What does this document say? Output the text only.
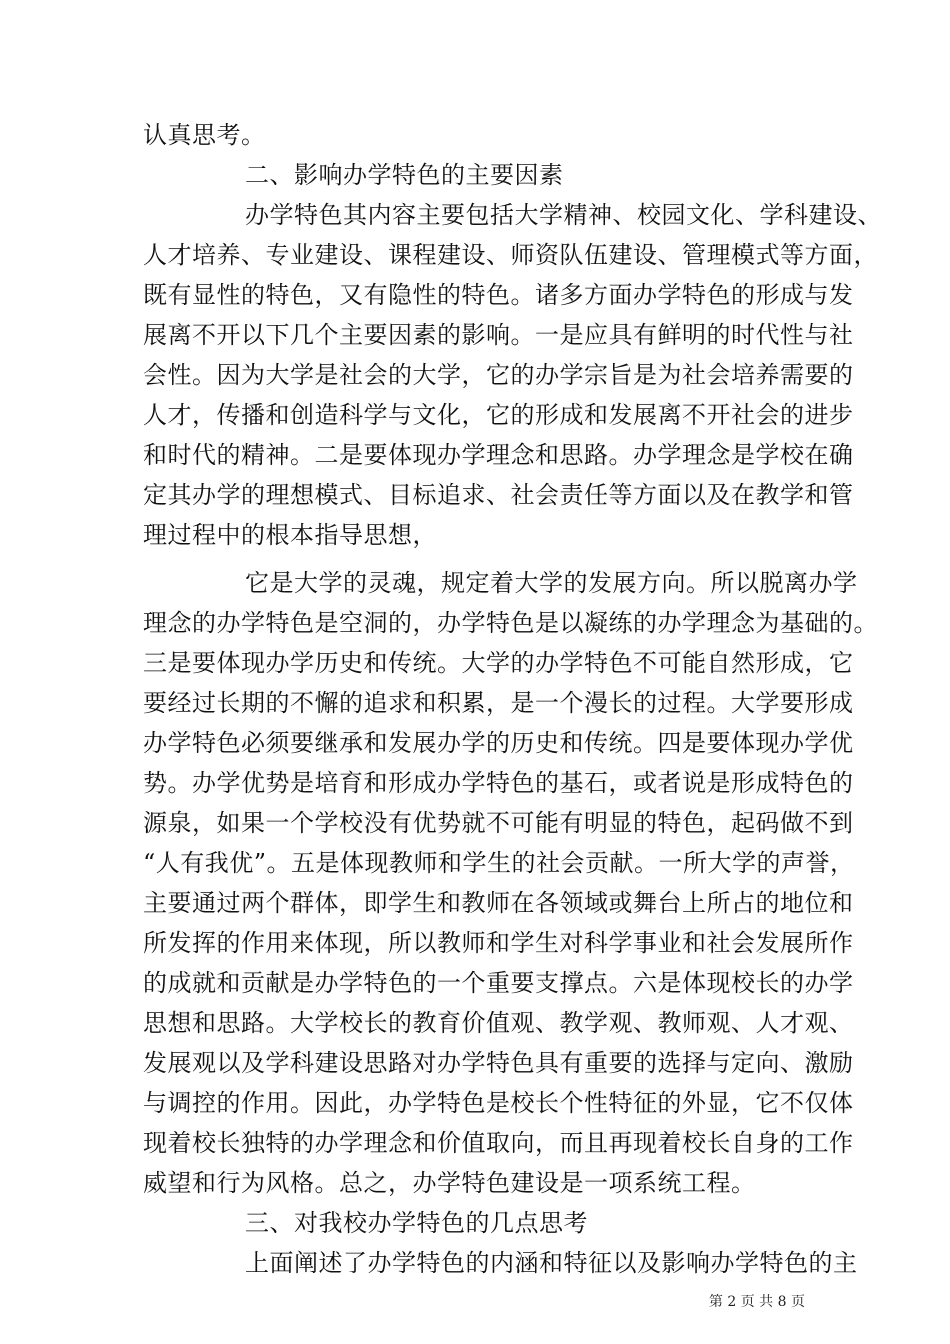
认真思考。
二、影响办学特色的主要因素
办学特色其内容主要包括大学精神、校园文化、学科建设、
人才培养、专业建设、课程建设、师资队伍建设、管理模式等方面，
既有显性的特色，又有隐性的特色。诸多方面办学特色的形成与发
展离不开以下几个主要因素的影响。一是应具有鲜明的时代性与社
会性。因为大学是社会的大学，它的办学宗旨是为社会培养需要的
人才，传播和创造科学与文化，它的形成和发展离不开社会的进步
和时代的精神。二是要体现办学理念和思路。办学理念是学校在确
定其办学的理想模式、目标追求、社会责任等方面以及在教学和管
理过程中的根本指导思想，
它是大学的灵魂，规定着大学的发展方向。所以脱离办学
理念的办学特色是空洞的，办学特色是以凝练的办学理念为基础的。
三是要体现办学历史和传统。大学的办学特色不可能自然形成，它
要经过长期的不懈的追求和积累，是一个漫长的过程。大学要形成
办学特色必须要继承和发展办学的历史和传统。四是要体现办学优
势。办学优势是培育和形成办学特色的基石，或者说是形成特色的
源泉，如果一个学校没有优势就不可能有明显的特色，起码做不到
“人有我优”。五是体现教师和学生的社会贡献。一所大学的声誉，
主要通过两个群体，即学生和教师在各领域或舞台上所占的地位和
所发挥的作用来体现，所以教师和学生对科学事业和社会发展所作
的成就和贡献是办学特色的一个重要支撑点。六是体现校长的办学
思想和思路。大学校长的教育价值观、教学观、教师观、人才观、
发展观以及学科建设思路对办学特色具有重要的选择与定向、激励
与调控的作用。因此，办学特色是校长个性特征的外显，它不仅体
现着校长独特的办学理念和价值取向，而且再现着校长自身的工作
威望和行为风格。总之，办学特色建设是一项系统工程。
三、对我校办学特色的几点思考
上面阐述了办学特色的内涵和特征以及影响办学特色的主
第 2 页 共 8 页
